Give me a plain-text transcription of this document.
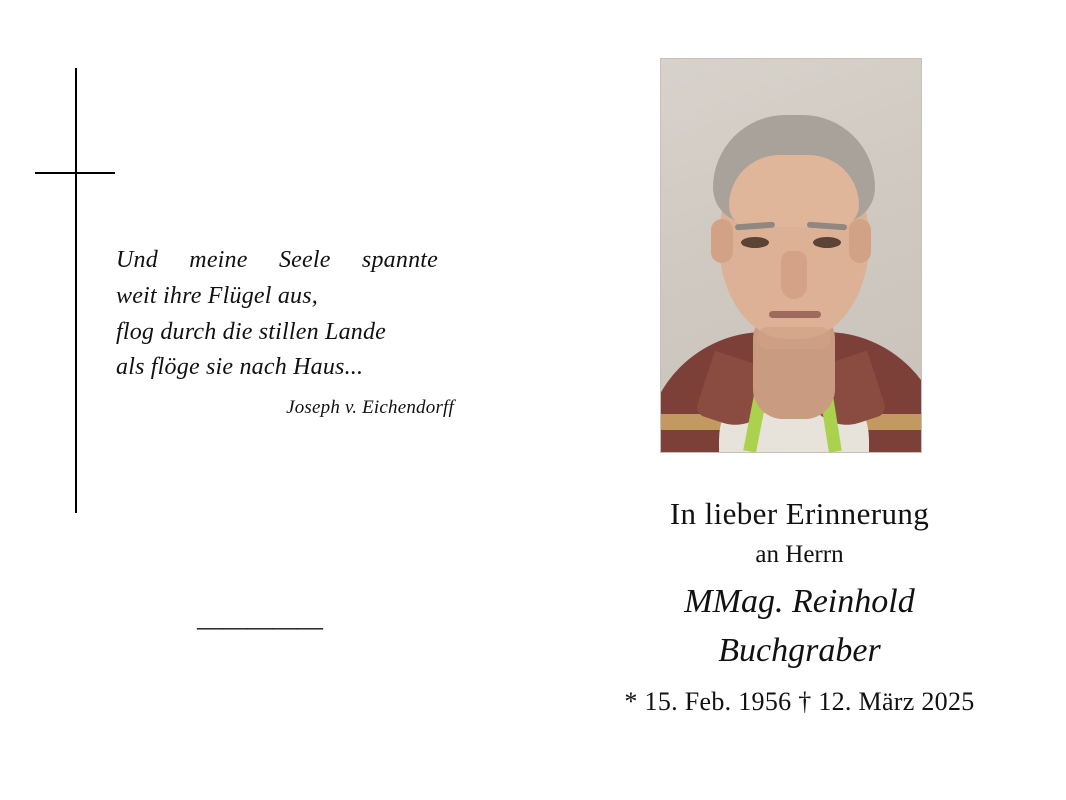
Und meine Seele spannte
weit ihre Flügel aus,
flog durch die stillen Lande
als flöge sie nach Haus...
Joseph v. Eichendorff
—————
In lieber Erinnerung
an Herrn
MMag. Reinhold
Buchgraber
* 15. Feb. 1956 † 12. März 2025
